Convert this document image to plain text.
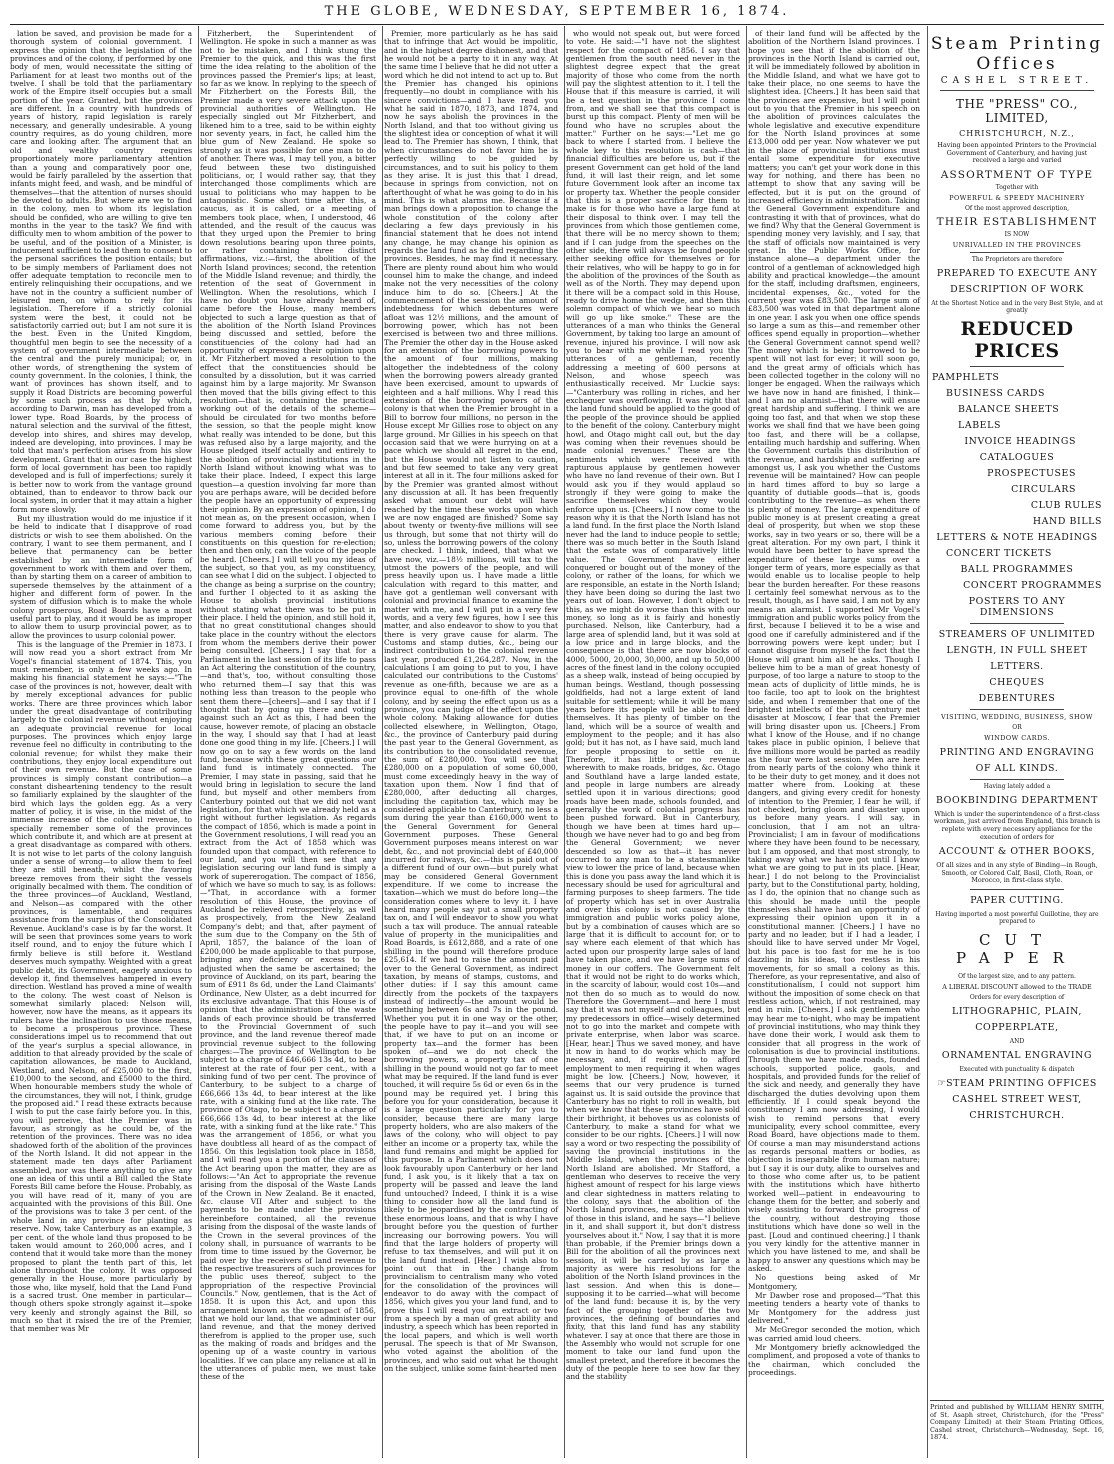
THE GLOBE, WEDNESDAY, SEPTEMBER 16, 1874.

lation be saved, and provision be made for a thorough system of colonial government. I express the opinion that the legislation of the provinces and of the colony, if performed by one body of men, would necessitate the sitting of Parliament for at least two months out of the twelve. I shall be told that the parliamentary work of the Empire itself occupies but a small portion of the year. Granted, but the provinces are different. In a country with hundreds of years of history, rapid legislation is rarely necessary, and generally undesirable. A young country requires, as do young children, more care and looking after. The argument that an old and wealthy country requires proportionately more parliamentary attention than a young and comparatively poor one, would be fairly paralleled by the assertion that infants might feed, and wash, and be mindful of themselves—that the attention of nurses should be devoted to adults. But where are we to find in the colony, men to whom its legislation should be confided, who are willing to give ten months in the year to the task? We find with difficulty men to whom ambition of the power to be useful, and of the position of a Minister, is inducement sufficient to lead them to consent to the personal sacrifices the position entails; but to be simply members of Parliament does not offer adequate temptation to reconcile men to entirely relinquishing their occupations, and we have not in the country a sufficient number of leisured men, on whom to rely for its legislation. Therefore if a strictly colonial system were the best, it could not be satisfactorily carried out; but I am not sure it is the best. Even in the United Kingdom, thoughtful men begin to see the necessity of a system of government intermediate between the central and the purely municipal; or, in other words, of strengthening the system of county government. In the colonies, I think, the want of provinces has shown itself, and to supply it Road Districts are becoming powerful by some such process as that by which, according to Darwin, man has developed from a lower type. Road Boards, by the process of natural selection and the survival of the fittest, develop into shires, and shires may develop, indeed are developing, into provinces. I may be told that man's perfection arises from his slow development. Grant that in our case the highest form of local government has been too rapidly developed and is full of imperfections; surely it is better now to work from the vantage ground obtained, than to endeavor to throw back our local system, in order that it may attain a higher form more slowly.

But my illustration would do me injustice if it be held to indicate that I disapprove of road districts or wish to see them abolished. On the contrary, I want to see them permanent, and I believe that permanency can be better established by an intermediate form of government to work with them and over them, than by starting them on a career of ambition to supersede themselves by the attainment of a higher and different form of power. In the system of diffusion which is to make the whole colony prosperous, Road Boards have a most useful part to play, and it would be as improper to allow them to usurp provincial power, as to allow the provinces to usurp colonial power.

This is the language of the Premier in 1873. I will now read you a short extract from Mr Vogel's financial statement of 1874. This, you must remember, is only a few weeks ago. In making his financial statement he says:—"The case of the provinces is not, however, dealt with by merely exceptional advances for public works. There are three provinces which labor under the great disadvantage of contributing largely to the colonial revenue without enjoying an adequate provincial revenue for local purposes. The provinces which enjoy large revenue feel no difficulty in contributing to the colonial revenue; for whilst they make their contributions, they enjoy local expenditure out of their own revenue. But the case of some provinces is simply constant contribution—a constant disheartening tendency to the result so familiarly explained by the slaughter of the bird which lays the golden egg. As a very matter of policy, it is wise, in the midst of the immense increase of the colonial revenue, to specially remember some of the provinces which contribute it, and which are at present at a great disadvantage as compared with others. It is not wise to let parts of the colony languish under a sense of wrong—to allow them to feel they are still beneath, whilst the favoring breeze removes from their sight the vessels originally becalmed with them. The condition of the three provinces—of Auckland, Westland, and Nelson—as compared with the other provinces, is lamentable, and requires assistance from the surplus of the Consolidated Revenue. Auckland's case is by far the worst. It will be seen that provinces some years to work itself round, and to enjoy the future which I firmly believe is still before it. Westland deserves much sympathy. Weighted with a great public debt, its Government, eagerly anxious to develop it, find themselves hampered in every direction. Westland has proved a mine of wealth to the colony. The west coast of Nelson is somewhat similarly placed: Nelson will, however, now have the means, as it appears its rulers have the inclination to use those means, to become a prosperous province. These considerations impel us to recommend that out of the year's surplus a special allowance, in addition to that already provided by the scale of capitation allowances, be made to Auckland, Westland, and Nelson, of £25,000 to the first, £10,000 to the second, and £5000 to the third. When honourable members study the whole of the circumstances, they will not, I think, grudge the proposed aid." I read these extracts because I wish to put the case fairly before you. In this, you will perceive, that the Premier was in favour, as strongly as he could be, of the retention of the provinces. There was no idea shadowed forth of the abolition of the provinces of the North Island. It did not appear in the statement made ten days after Parliament assembled, nor was there anything to give any one an idea of this until a Bill called the State Forests Bill came before the House. Probably, as you will have read of it, many of you are acquainted with the provisions of this Bill. One of the provisions was to take 3 per cent. of the whole land in any province for planting as reserve. Now, take Canterbury as an example, 3 per cent. of the whole land thus proposed to be taken would amount to 260,000 acres, and I contend that it would take more than the money proposed to plant the tenth part of this, let alone throughout the colony. It was opposed generally in the House, more particularly by those who, like myself, hold that the Land Fund is a sacred trust. One member in particular—though others spoke strongly against it—spoke very keenly and strongly against the Bill, so much so that it raised the ire of the Premier, that member was Mr

Fitzherbert, the Superintendent of Wellington. He spoke in such a manner as was not to be mistaken, and I think stung the Premier to the quick, and this was the first time the idea relating to the abolition of the provinces passed the Premier's lips; at least, so far as we know. In replying to the speech of Mr Fitzherbert on the Forests Bill, the Premier made a very severe attack upon the provincial authorities of Wellington. He especially singled out Mr Fitzherbert, and likened him to a tree, said to be within eighty nor seventy years, in fact, he called him the blue gum of New Zealand. He spoke so strongly as it was possible for one man to do of another. There was, I may tell you, a bitter feud between these two distinguished politicians, or, I would rather say, that they interchanged those compliments which are usual to politicians who may happen to be antagonistic. Some short time after this, a caucus, as it is called, or a meeting of members took place, when, I understood, 46 attended, and the result of the caucus was that they urged upon the Premier to bring down resolutions bearing upon three points, or rather containing three distinct affirmations, viz.:—first, the abolition of the North Island provinces; second, the retention of the Middle Island revenue; and thirdly, the retention of the seat of Government in Wellington. When the resolutions, which I have no doubt you have already heard of, came before the House, many members objected to such a large question as that of the abolition of the North Island Provinces being discussed and settled, before the constituencies of the colony had had an opportunity of expressing their opinion upon it. Mr Fitzherbert moved a resolution to the effect that the constituencies should be consulted by a dissolution, but it was carried against him by a large majority. Mr Swanson then moved that the bills giving effect to this resolution—that is, containing the practical working out of the details of the scheme—should be circulated for two months before the session, so that the people might know what really was intended to be done, but this was refused also by a large majority, and the House pledged itself actually and entirely to the abolition of provincial institutions in the North Island without knowing what was to take their place. Indeed, I expect this large question—a question involving far more than you are perhaps aware, will be decided before the people have an opportunity of expressing their opinion. By an expression of opinion, I do not mean as, on the present occasion, when I come forward to address you, but by the various members coming before their constituents on this question for re-election; then and then only, can the voice of the people be heard. [Cheers.] I will tell you my ideas of the subject, so that you, as my constituency, can see what I did on the subject. I objected to the change as being a surprise on the country; and further I objected to it as asking the House to abolish provincial institutions without stating what there was to be put in their place. I held the opinion, and still hold it, that no great constitutional changes should take place in the country without the electors from whom the members derive their power being consulted. [Cheers.] I say that for a Parliament in the last session of its life to pass an Act altering the constitution of the country,—and that's, too, without consulting those who returned them—I say that this was nothing less than treason to the people who sent them there—[cheers]—and I say that if I thought that by going up there and voting against such an Act as this, I had been the cause, however remote, of placing an obstacle in the way, I should say that I had at least done one good thing in my life. [Cheers.] I will now go on to say a few words on the land fund, because with these great questions our land fund is intimately connected. The Premier, I may state in passing, said that he would bring in legislation to secure the land fund, but myself and other members from Canterbury pointed out that we did not want legislation, for that which we already held as a right without further legislation. As regards the compact of 1856, which is made a point in the Government resolutions, I will read you an extract from the Act of 1858 which was founded upon that compact, with reference to our land, and you will then see that any legislation securing our land fund is simply a work of supererogation. The compact of 1856, of which we have so much to say, is as follows:—"That, in accordance with a former resolution of this House, the province of Auckland be relieved retrospectively, as well as prospectively, from the New Zealand Company's debt; and that, after payment of the sum due to the Company on the 5th of April, 1857, the balance of the loan of £200,000 be made applicable to that purpose, bringing any deficiency or excess to be adjusted when the same be ascertained; the province of Auckland, on its part, bearing the sum of £911 8s 6d, under the Land Claimants' Ordinance, New Ulster, as a debt incurred for its exclusive advantage. That this House is of opinion that the administration of the waste lands of each province should be transferred to the Provincial Government of such province, and the land revenue thereof made provincial revenue subject to the following charges:—The province of Wellington to be subject to a charge of £46,666 13s 4d, to bear interest at the rate of four per cent., with a sinking fund of two per cent. The province of Canterbury, to be subject to a charge of £66,666 13s 4d, to bear interest at the like rate, with a sinking fund at the like rate. The province of Otago, to be subject to a charge of £66,666 13s 4d, to bear interest at the like rate, with a sinking fund at the like rate." This was the arrangement of 1856, or what you have doubtless all heard of as the compact of 1856. On this legislation took place in 1858, and I will read you a portion of the clauses of the Act bearing upon the matter, they are as follows:—"An Act to appropriate the revenue arising from the disposal of the Waste Lands of the Crown in New Zealand. Be it enacted, &c. clause VII After and subject to the payments to be made under the provisions hereinbefore contained, all the revenue arising from the disposal of the waste lands of the Crown in the several provinces of the colony shall, in pursuance of warrants to be from time to time issued by the Governor, be paid over by the receivers of land revenue to the respective treasurers of such provinces for the public uses thereof, subject to the appropriation of the respective Provincial Councils." Now, gentlemen, that is the Act of 1858. It is upon this Act, and upon this arrangement known as the compact of 1856, that we hold our land, that we administer our land revenue, and that the money derived therefrom is applied to the proper use, such as the making of roads and bridges and the opening up of a waste country in various localities. If we can place any reliance at all in the utterances of public men, we must take these of the

Premier, more particularly as he has said that to infringe that Act would be impolitic, and in the highest degree dishonest, and that he would not be a party to it in any way. At the same time I believe that he did not utter a word which he did not intend to act up to. But the Premier has changed his opinions frequently—no doubt in compliance with his sincere convictions—and I have read you what he said in 1870, 1873, and 1874, and now he says abolish the provinces in the North Island, and that too without giving us the slightest idea or conception of what it will lead to. The Premier has shown, I think, that when circumstances do not favor him he is perfectly willing to be guided by circumstances, and to suit his policy to them as they arise. It is just this that I dread, because in springs from conviction, not on afterthought of what he was going to do in his mind. This is what alarms me. Because if a man brings down a proposition to change the whole constitution of the colony after declaring a few days previously in his financial statement that he does not intend any change, he may change his opinion as regards the land fund as he did regarding the provinces. Besides, he may find it necessary. There are plenty round about him who would counsel him to make the change, and indeed make not the very necessities of the colony induce him to do so. [Cheers.] At the commencement of the session the amount of indebtedness for which debentures were afloat was 12½ millions, and the amount of borrowing power, which has not been exercised is between two and three millions. The Premier the other day in the House asked for an extension of the borrowing powers to the amount of four millions, making altogether the indebtedness of the colony when the borrowing powers already granted have been exercised, amount to upwards of eighteen and a half millions. Why I read this extension of the borrowing powers of the colony is that when the Premier brought in a Bill to borrow four millions, no person in the House except Mr Gillies rose to object on any large ground. Mr Gillies in his speech on that occasion said that we were hurrying on at a pace which we should all regret in the end, but the House would not listen to caution, and but few seemed to take any very great interest at all in it. The four millions asked for by the Premier was granted almost without any discussion at all. It has been frequently asked what amount our debt will have reached by the time these works upon which we are now engaged are finished? Some say about twenty or twenty-five millions will see us through, but some that not thirty will do so, unless the borrowing powers of the colony are checked. I think, indeed, that what we have now, viz.—18½ millions, will tax to the utmost the powers of the people, and will press heavily upon us. I have made a little calculation with regard to this matter, and have got a gentleman well conversant with colonial and provincial finance to examine the matter with me, and I will put in a very few words, and a very few figures, how I see this matter, and also endeavor to show to you that there is very grave cause for alarm. The Customs and stamp duties, &c., being our indirect contribution to the colonial revenue last year, produced £1,264,287. Now, in the calculations I am going to put to you, I have calculated our contributions to the Customs' revenue as one-fifth, because we are as a province equal to one-fifth of the whole colony, and by seeing the effect upon us as a province, you can judge of the effect upon the whole colony. Making allowance for duties collected elsewhere, in Wellington, Otago, &c., the province of Canterbury paid during the past year to the General Government, as its contribution to the consolidated revenue, the sum of £280,000. You will see that £280,000 on a population of some 60,000, must come exceedingly heavy in the way of taxation upon them. Now I find that of £280,000, after deducting all charges, including the capitation tax, which may be considered applicable to Canterbury, no less a sum during the year than £160,000 went to the General Government for General Government purposes. These General Government purposes means interest on war debt, &c., and not provincial debt of £40,000 incurred for railways, &c.—this is paid out of a different fund of our own—but purely what may be considered General Government expenditure. If we come to increase the taxation—which we must do before long—the consideration comes where to levy it. I have heard many people say put a small property tax on, and I will endeavor to show you what such a tax will produce. The annual rateable value of property in the municipalities and Road Boards, is £612,888, and a rate of one shilling in the pound will therefore produce £25,614. If we had to raise the amount paid over to the General Government, as indirect taxation, by means of stamps, customs, and other duties: if I say this amount came directly from the pockets of the taxpayers instead of indirectly—the amount would be something between 6s and 7s in the pound. Whether you put it in one way or the other, the people have to pay it—and you will see that, if we have to put on an income or property tax—and the former has been spoken of—and we do not check the borrowing powers, a property tax of one shilling in the pound would not go far to meet what may be required. If the land fund is ever touched, it will require 5s 6d or even 6s in the pound may be required yet. I bring this before you for your consideration, because it is a large question particularly for you to consider, because there are many large property holders, who are also makers of the laws of the colony, who will object to pay either an income or a property tax, while the land fund remains and might be applied for this purpose. In a Parliament which does not look favourably upon Canterbury or her land fund, I ask you, is it likely that a tax on property will be passed and leave the land fund untouched? Indeed, I think it is a wise thing to consider how all the land fund is likely to be jeopardised by the contracting of these enormous loans, and that is why I have brought before you the question of further increasing our borrowing powers. You will find that the large holders of property will refuse to tax themselves, and will put it on the land fund instead. [Hear.] I wish also to point out that in the change from provincialism to centralism many who voted for the consolidation of the provinces will endeavor to do away with the compact of 1856, which gives you your land fund, and to prove this I will read you an extract or two from a speech by a man of great ability and industry, a speech which has been reported in the local papers, and which is well worth perusal. The speech is that of Mr Swanson, who voted against the abolition of the provinces, and who said out what he thought on the subject, unlike some faint-hearted men

who would not speak out, but were forced to vote. He said:—"I have not the slightest respect for the compact of 1856. I say that gentlemen from the south need never in the slightest degree expect that the great majority of those who come from the north will pay the slightest attention to it. I tell the House that if this measure is carried, it will be a test question in the province I come from, and we shall see that this compact is burst up this compact. Plenty of men will be found who have no scruples about the matter." Further on he says:—"Let me go back to where I started from. I believe the whole key to this resolution is cash—that financial difficulties are before us, but if the present Government can get hold of the land fund, it will last their reign, and let some future Government look after an income tax or property tax. Whether the people consider that this is a proper sacrifice for them to make is for those who have a large fund at their disposal to think over. I may tell the provinces from which those gentlemen come, that there will be no mercy shown to them; and if I can judge from the speeches on the other side, there will always be found people either seeking office for themselves or for their relatives, who will be happy to go in for the abolition of the provinces of the South as well as of the North. They may depend upon it there will be a compact sold in this House, ready to drive home the wedge, and then this solemn compact of which we hear so much will go up like smoke." These are the utterances of a man who thinks the General Government, by taking too large an amount of revenue, injured his province. I will now ask you to bear with me while I read you the utterances of a gentleman, recently addressing a meeting of 600 persons at Nelson, and whose speech was enthusiastically received. Mr Luckie says:—"Canterbury was rolling in riches, and her exchequer was overflowing. It was right that the land fund should be applied to the good of the people of the province should be applied to the benefit of the colony. Canterbury might howl, and Otago might call out, but the day was coming when their revenues should be made colonial revenues." These are the sentiments which were received with rapturous applause by gentlemen however who have no land revenue of their own. But I would ask you if they would applaud so strongly if they were going to make the sacrifice themselves which they would enforce upon us. [Cheers.] I now come to the reason why it is that the North Island has not a land fund. In the first place the North Island never had the land to induce people to settle; there was so much better in the South Island that the estate was of comparatively little value. The Government have either conquered or bought out of the money of the colony, or rather of the loans, for which we are responsible, an estate in the North Island; they have been doing so during the last two years out of loan. However, I don't object to this, as we might do worse than this with our money, so long as it is fairly and honestly purchased. Nelson, like Canterbury, had a large area of splendid land, but it was sold at a low price and in large blocks, and the consequence is that there are now blocks of 4000, 5000, 20,000, 30,000, and up to 50,000 acres of the finest land in the colony occupied as a sheep walk, instead of being occupied by human beings. Westland, though possessing goldfields, had not a large extent of land suitable for settlement; while it will be many years before its people will be able to feed themselves. It has plenty of timber on the land, which will be a source of wealth and employment to the people; and it has also gold; but it has not, as I have said, much land for people proposing to settle on it. Therefore, it has little or no revenue wherewith to make roads, bridges, &c. Otago and Southland have a large landed estate, and people in large numbers are already settled upon it in various directions; good roads have been made, schools founded, and generally the work of colonial progress has been pushed forward. But in Canterbury, though we have been at times hard up—though we have never had to go and beg from the General Government; we never descended so low as that—it has never occurred to any man to be a statesmanlike view to lower the price of land, because when this is done you pass away the land which it is necessary should be used for agricultural and farming purposes to sheep farmers. The tide of property which has set in over Australia and over this colony is not caused by the immigration and public works policy alone, but by a combination of causes which are so large that it is difficult to account for, or to say where each element of that which has acted upon our prosperity large sales of land have taken place, and we have large sums of money in our coffers. The Government felt that it would not be right to do works which, in the scarcity of labour, would cost 10s—and not then do so much as to would do now. Therefore the Government—and here I must say that it was not myself and colleagues, but my predecessors in office—wisely determined not to go into the market and compete with private enterprise, when labor was scarce. [Hear, hear.] Thus we saved money, and have it now in hand to do works which may be necessary, and, if required, to afford employment to men requiring it when wages might be low. [Cheers.] Now, however, it seems that our very prudence is turned against us. It is said outside the province that Canterbury has no right to roll in wealth, but when we know that these provinces have sold their birthright, it behoves us as colonists of Canterbury, to make a stand for what we consider to be our rights. [Cheers.] I will now say a word or two respecting the possibility of saving the provincial institutions in the Middle Island, when the provinces of the North Island are abolished. Mr Stafford, a gentleman who deserves to receive the very highest amount of respect for his large views and clear sightedness in matters relating to the colony, says that the abolition of the North Island provinces, means the abolition of those in this island, and he says—"I believe in it, and shall support it, but don't distress yourselves about it." Now, I say that it is more than probable, if the Premier brings down a Bill for the abolition of all the provinces next session, it will be carried by as large a majority as were his resolutions for the abolition of the North Island provinces in the last session. And when this is done—supposing it to be carried—what will become of the land fund: because it is, by the very fact of the grouping together of the two provinces, the defining of boundaries and fixity, that this land fund has any stability whatever. I say at once that there are those in the Assembly who would not scruple for one moment to take our land fund upon the smallest pretext, and therefore it becomes the duty of the people here to see how far they and the stability

of their land fund will be affected by the abolition of the Northern Island provinces. I hope you see that if the abolition of the provinces in the North Island is carried out, it will be immediately followed by abolition in the Middle Island, and what we have got to take their place, no one seems to have the slightest idea. [Cheers.] It has been said that the provinces are expensive, but I will point out to you that the Premier in his speech on the abolition of provinces calculates the whole legislative and executive expenditure for the North Island provinces at some £13,000 odd per year. Now whatever we put in the place of provincial institutions must entail some expenditure for executive matters; you can't get your work done in this way for nothing, and there has been no attempt to show that any saving will be effected, but it is put on the ground of increased efficiency in administration. Taking the General Government expenditure and contrasting it with that of provinces, what do we find? Why that the General Government is spending money very lavishly, and I say, that the staff of officials now maintained is very great. In the Public Works Office, for instance alone—a department under the control of a gentleman of acknowledged high ability and practical knowledge—the amount for the staff, including draftsmen, engineers, incidental expenses, &c., voted for the current year was £83,500. The large sum of £83,500 was voted in that department alone in one year. I ask you when one office spends so large a sum as this—and remember other offices spend equally in proportion—whether the General Government cannot spend well? The money which is being borrowed to be spent will not last for ever; it will soon go, and the great army of officials which has been collected together in the colony will no longer be engaged. When the railways which we have now in hand are finished, I think—and I am no alarmist—that there will ensue great hardship and suffering. I think we are going too fast, and that when we stop these works we shall find that we have been going too fast, and there will be a collapse, entailing much hardship and suffering. When the Government curtails this distribution of the revenue, and hardship and suffering are amongst us, I ask you whether the Customs revenue will be maintained? How can people in hard times afford to buy so large a quantity of dutiable goods—that is, goods contributing to the revenue—as when there is plenty of money. The large expenditure of public money is at present creating a great deal of prosperity, but when we stop these works, say in two years or so, there will be a great alteration. For my own part, I think it would have been better to have spread the expenditure of these large sums over a longer term of years, more especially as that would enable us to localise people to help bear the burden hereafter. For these reasons I certainly feel somewhat nervous as to the result, though, as I have said, I am not by any means an alarmist. I supported Mr Vogel's immigration and public works policy from the first, because I believed it to be a wise and good one if carefully administered and if the borrowing powers were kept under; but I cannot disguise from myself the fact that the House will grant him all he asks. Though I believe him to be a man of great honesty of purpose, of too large a nature to stoop to the mean acts of duplicity of little minds, he is too facile, too apt to look on the brightest side, and when I remember that one of the brightest intellects of the past century met disaster at Moscow, I fear that the Premier will bring disaster upon us. [Cheers.] From what I know of the House, and if no change takes place in public opinion, I believe that five millions more would be parted as readily as the four were last session. Men are here from nearly parts of the colony who think it to be their duty to get money, and it does not matter where from. Looking at these dangers, and giving every credit for honesty of intention to the Premier, I fear he will, if not checked, bring gloom and disaster upon us before many years. I will say, in conclusion, that I am not an ultra-Provincialist; I am in favour of modifications where they have been found to be necessary, but I am opposed, and that most strongly, to taking away what we have got until I know what we are going to put in its place. [Hear, hear.] I do not belong to the Provincialist party, but to the Constitutional party, holding, as I do, the opinion that no change such as this should be made until the people themselves shall have had an opportunity of expressing their opinion upon it in a constitutional manner. [Cheers.] I have no party and no leader, but if I had a leader, I should like to have served under Mr Vogel, but his pace is too fast for me he is too dazzling in his ideas, too restless in his movements, for so small a colony as this. Therefore, as your representative, and also of constitutionalism, I could not support him without the imposition of some check on that restless action, which, if not restrained, may end in ruin. [Cheers.] I ask gentlemen who may hear me to-night, who may be impatient of provincial institutions, who may think they have done their work, I would ask them to consider that all progress in the work of colonisation is due to provincial institutions. Through them we have made roads, founded schools, supported police, gaols, and hospitals, and provided funds for the relief of the sick and needy, and generally they have discharged the duties devolving upon them efficiently. If I could speak beyond the constituency I am now addressing, I would wish to remind persons that every municipality, every school committee, every Road Board, have objections made to them. Of course a man may misunderstand actions as regards personal matters or bodies, as objection is inseparable from human nature; but I say it is our duty, alike to ourselves and to those who come after us, to be patient with the institutions which have hitherto worked well—patient in endeavouring to change them for the better, and soberly and wisely assisting to forward the progress of the country, without destroying those institutions which have done so well in the past. [Loud and continued cheering.] I thank you very kindly for the attentive manner in which you have listened to me, and shall be happy to answer any questions which may be asked.

No questions being asked of Mr Montgomery,

Mr Dawber rose and proposed—"That this meeting tenders a hearty vote of thanks to Mr Montgomery for the address just delivered."

Mr McGregor seconded the motion, which was carried amid loud cheers.

Mr Montgomery briefly acknowledged the compliment, and proposed a vote of thanks to the chairman, which concluded the proceedings.

Steam Printing Offices
CASHEL STREET.
THE "PRESS" CO., LIMITED,
CHRISTCHURCH, N.Z.,
Having been appointed Printers to the Provincial Government of Canterbury, and having just received a large and varied
ASSORTMENT OF TYPE
Together with
POWERFUL & SPEEDY MACHINERY
Of the most approved description,
THEIR ESTABLISHMENT
IS NOW
UNRIVALLED IN THE PROVINCES
The Proprietors are therefore
PREPARED TO EXECUTE ANY
DESCRIPTION OF WORK
At the Shortest Notice and in the very Best Style, and at greatly
REDUCED PRICES
PAMPHLETS
BUSINESS CARDS
BALANCE SHEETS
LABELS
INVOICE HEADINGS
CATALOGUES
PROSPECTUSES
CIRCULARS
CLUB RULES
HAND BILLS
LETTERS & NOTE HEADINGS
CONCERT TICKETS
BALL PROGRAMMES
CONCERT PROGRAMMES
POSTERS TO ANY DIMENSIONS
STREAMERS OF UNLIMITED
LENGTH, IN FULL SHEET
LETTERS.
CHEQUES
DEBENTURES
VISITING, WEDDING, BUSINESS, SHOW
OR
WINDOW CARDS.
PRINTING AND ENGRAVING
OF ALL KINDS.
Having lately added a
BOOKBINDING DEPARTMENT
Which is under the superintendence of a first-class workman, just arrived from England, this branch is replete with every necessary appliance for the execution of orders for
ACCOUNT & OTHER BOOKS,
Of all sizes and in any style of Binding—in Rough, Smooth, or Colored Calf, Basil, Cloth, Roan, or Morocco, in first-class style.
PAPER CUTTING.
Having imported a most powerful Guillotine, they are prepared to
CUT PAPER
Of the largest size, and to any pattern.
A LIBERAL DISCOUNT allowed to the TRADE
Orders for every description of
LITHOGRAPHIC, PLAIN,
COPPERPLATE,
AND
ORNAMENTAL ENGRAVING
Executed with punctuality & dispatch
☞STEAM PRINTING OFFICES
CASHEL STREET WEST,
CHRISTCHURCH.
Printed and published by WILLIAM HENRY SMITH, of St. Asaph street, Christchurch, (for the "Press" Company Limited) at their Steam Printing Offices, Cashel street, Christchurch—Wednesday, Sept. 16, 1874.
